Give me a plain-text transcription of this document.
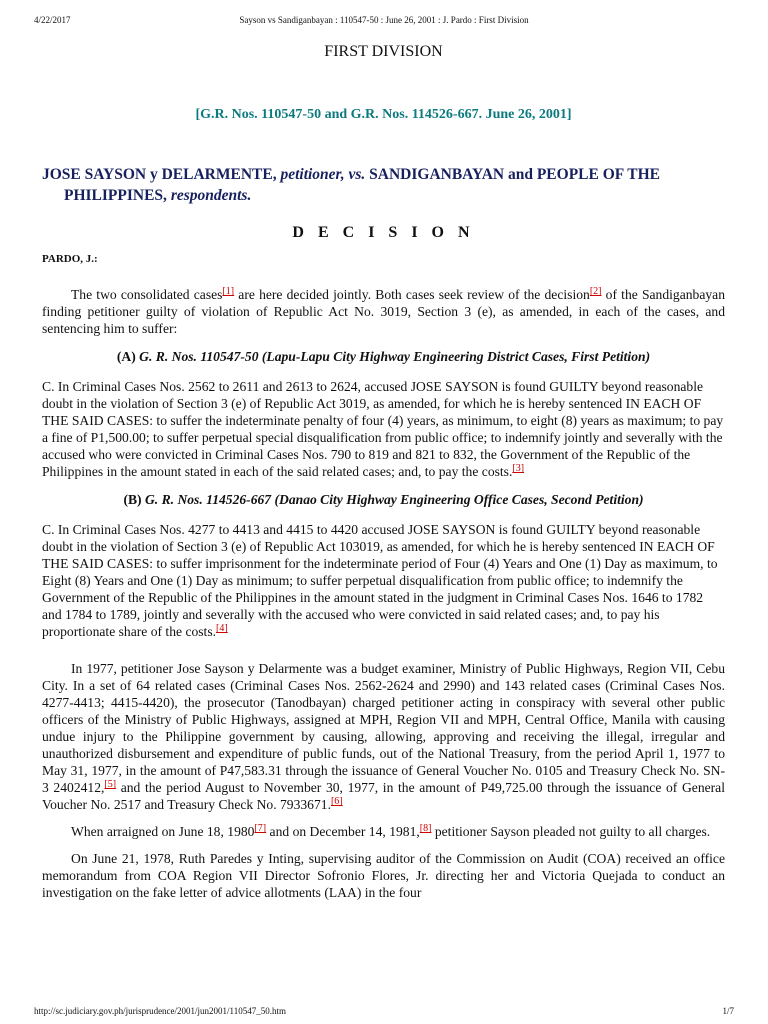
4/22/2017	Sayson vs Sandiganbayan : 110547-50 : June 26, 2001 : J. Pardo : First Division

FIRST DIVISION

[G.R. Nos. 110547-50 and G.R. Nos. 114526-667. June 26, 2001]

JOSE SAYSON y DELARMENTE, petitioner, vs. SANDIGANBAYAN and PEOPLE OF THE PHILIPPINES, respondents.

D E C I S I O N

PARDO, J.:

The two consolidated cases[1] are here decided jointly. Both cases seek review of the decision[2] of the Sandiganbayan finding petitioner guilty of violation of Republic Act No. 3019, Section 3 (e), as amended, in each of the cases, and sentencing him to suffer:

(A) G. R. Nos. 110547-50 (Lapu-Lapu City Highway Engineering District Cases, First Petition)

C. In Criminal Cases Nos. 2562 to 2611 and 2613 to 2624, accused JOSE SAYSON is found GUILTY beyond reasonable doubt in the violation of Section 3 (e) of Republic Act 3019, as amended, for which he is hereby sentenced IN EACH OF THE SAID CASES: to suffer the indeterminate penalty of four (4) years, as minimum, to eight (8) years as maximum; to pay a fine of P1,500.00; to suffer perpetual special disqualification from public office; to indemnify jointly and severally with the accused who were convicted in Criminal Cases Nos. 790 to 819 and 821 to 832, the Government of the Republic of the Philippines in the amount stated in each of the said related cases; and, to pay the costs.[3]

(B) G. R. Nos. 114526-667 (Danao City Highway Engineering Office Cases, Second Petition)

C. In Criminal Cases Nos. 4277 to 4413 and 4415 to 4420 accused JOSE SAYSON is found GUILTY beyond reasonable doubt in the violation of Section 3 (e) of Republic Act 103019, as amended, for which he is hereby sentenced IN EACH OF THE SAID CASES: to suffer imprisonment for the indeterminate period of Four (4) Years and One (1) Day as maximum, to Eight (8) Years and One (1) Day as minimum; to suffer perpetual disqualification from public office; to indemnify the Government of the Republic of the Philippines in the amount stated in the judgment in Criminal Cases Nos. 1646 to 1782 and 1784 to 1789, jointly and severally with the accused who were convicted in said related cases; and, to pay his proportionate share of the costs.[4]

In 1977, petitioner Jose Sayson y Delarmente was a budget examiner, Ministry of Public Highways, Region VII, Cebu City. In a set of 64 related cases (Criminal Cases Nos. 2562-2624 and 2990) and 143 related cases (Criminal Cases Nos. 4277-4413; 4415-4420), the prosecutor (Tanodbayan) charged petitioner acting in conspiracy with several other public officers of the Ministry of Public Highways, assigned at MPH, Region VII and MPH, Central Office, Manila with causing undue injury to the Philippine government by causing, allowing, approving and receiving the illegal, irregular and unauthorized disbursement and expenditure of public funds, out of the National Treasury, from the period April 1, 1977 to May 31, 1977, in the amount of P47,583.31 through the issuance of General Voucher No. 0105 and Treasury Check No. SN-3 2402412,[5] and the period August to November 30, 1977, in the amount of P49,725.00 through the issuance of General Voucher No. 2517 and Treasury Check No. 7933671.[6]

When arraigned on June 18, 1980[7] and on December 14, 1981,[8] petitioner Sayson pleaded not guilty to all charges.

On June 21, 1978, Ruth Paredes y Inting, supervising auditor of the Commission on Audit (COA) received an office memorandum from COA Region VII Director Sofronio Flores, Jr. directing her and Victoria Quejada to conduct an investigation on the fake letter of advice allotments (LAA) in the four

http://sc.judiciary.gov.ph/jurisprudence/2001/jun2001/110547_50.htm	1/7
